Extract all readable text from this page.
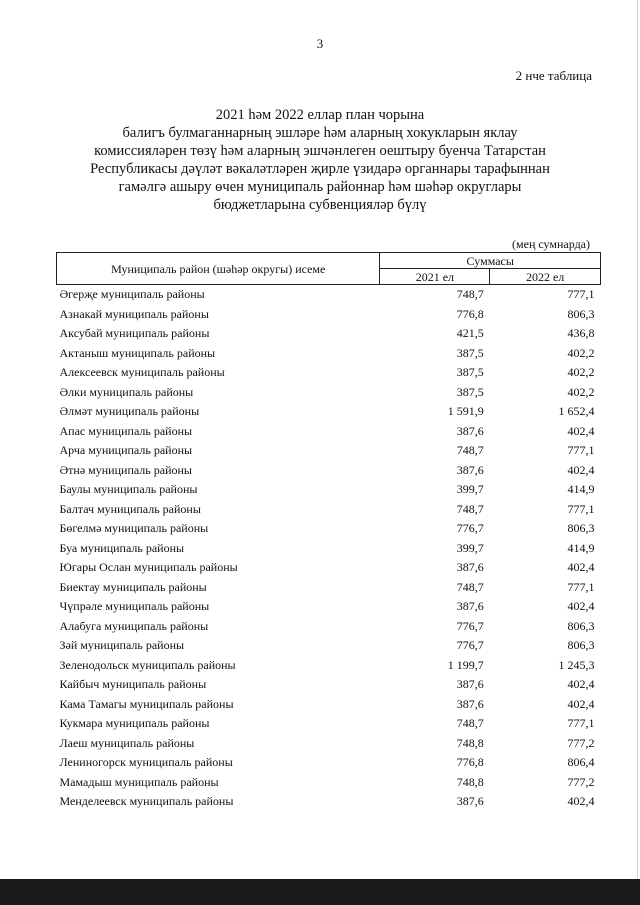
3
2 нче таблица
2021 һәм 2022 еллар план чорына
балигъ булмаганнарның эшләре һәм аларның хокукларын яклау
комиссияләрен төзү һәм аларның эшчәнлеген оештыру буенча Татарстан
Республикасы дәүләт вәкаләтләрен җирле үзидарә органнары тарафыннан
гамәлгә ашыру өчен муниципаль районнар һәм шәһәр округлары
бюджетларына субвенцияләр бүлү
(мең сумнарда)
Муниципаль район (шәһәр округы) исеме	Суммасы	
	2021 ел	2022 ел
Әгерҗе муниципаль районы	748,7	777,1
Азнакай муниципаль районы	776,8	806,3
Аксубай муниципаль районы	421,5	436,8
Актаныш муниципаль районы	387,5	402,2
Алексеевск муниципаль районы	387,5	402,2
Әлки муниципаль районы	387,5	402,2
Әлмәт муниципаль районы	1 591,9	1 652,4
Апас муниципаль районы	387,6	402,4
Арча муниципаль районы	748,7	777,1
Әтнә муниципаль районы	387,6	402,4
Баулы муниципаль районы	399,7	414,9
Балтач муниципаль районы	748,7	777,1
Бөгелмә муниципаль районы	776,7	806,3
Буа муниципаль районы	399,7	414,9
Югары Ослан муниципаль районы	387,6	402,4
Биектау муниципаль районы	748,7	777,1
Чүпрәле муниципаль районы	387,6	402,4
Алабуга муниципаль районы	776,7	806,3
Зәй муниципаль районы	776,7	806,3
Зеленодольск муниципаль районы	1 199,7	1 245,3
Кайбыч муниципаль районы	387,6	402,4
Кама Тамагы муниципаль районы	387,6	402,4
Кукмара муниципаль районы	748,7	777,1
Лаеш муниципаль районы	748,8	777,2
Лениногорск муниципаль районы	776,8	806,4
Мамадыш муниципаль районы	748,8	777,2
Менделеевск муниципаль районы	387,6	402,4
